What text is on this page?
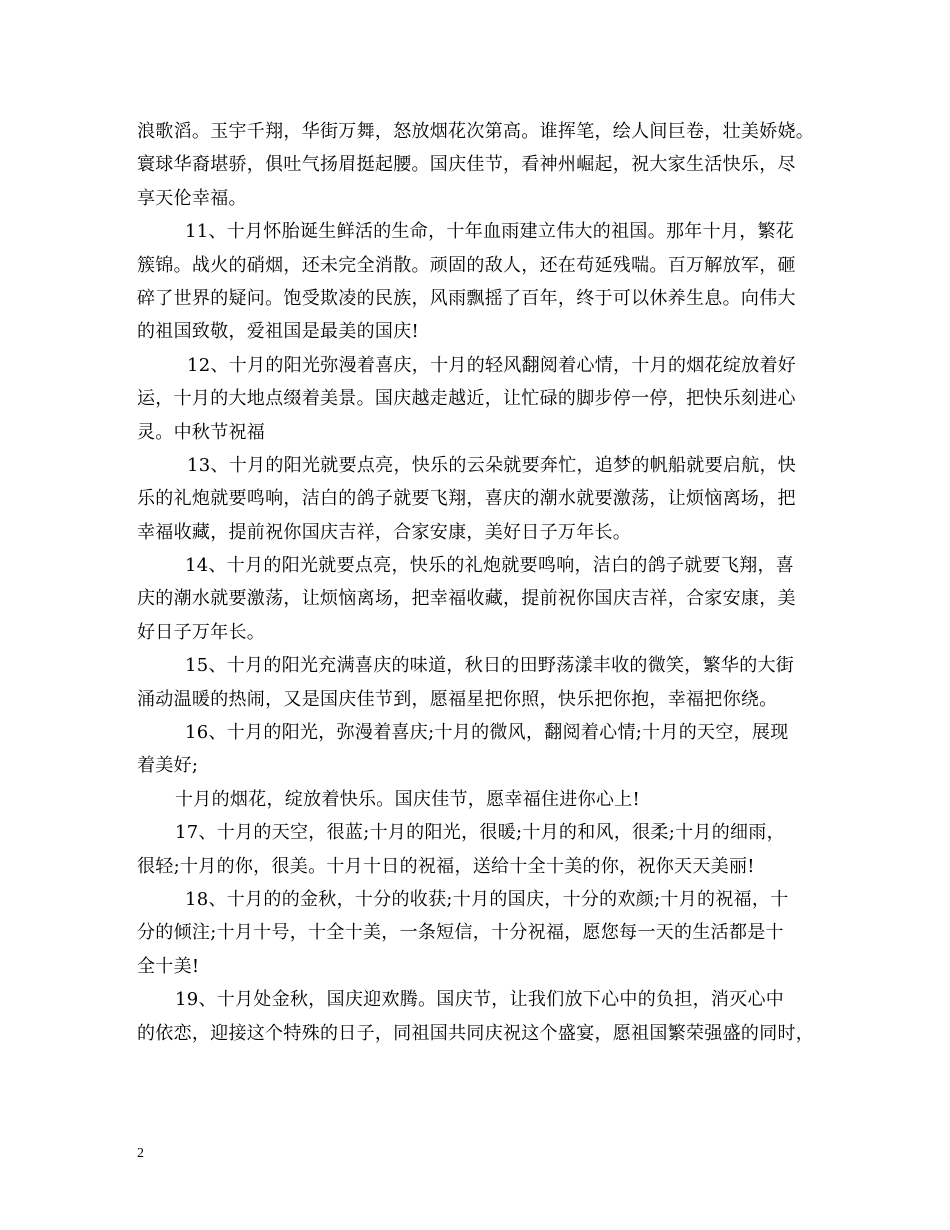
浪歌滔。玉宇千翔，华街万舞，怒放烟花次第高。谁挥笔，绘人间巨卷，壮美娇娆。
寰球华裔堪骄，俱吐气扬眉挺起腰。国庆佳节，看神州崛起，祝大家生活快乐，尽
享天伦幸福。
11、十月怀胎诞生鲜活的生命，十年血雨建立伟大的祖国。那年十月，繁花
簇锦。战火的硝烟，还未完全消散。顽固的敌人，还在苟延残喘。百万解放军，砸
碎了世界的疑问。饱受欺凌的民族，风雨飘摇了百年，终于可以休养生息。向伟大
的祖国致敬，爱祖国是最美的国庆!
12、十月的阳光弥漫着喜庆，十月的轻风翻阅着心情，十月的烟花绽放着好
运，十月的大地点缀着美景。国庆越走越近，让忙碌的脚步停一停，把快乐刻进心
灵。中秋节祝福
13、十月的阳光就要点亮，快乐的云朵就要奔忙，追梦的帆船就要启航，快
乐的礼炮就要鸣响，洁白的鸽子就要飞翔，喜庆的潮水就要激荡，让烦恼离场，把
幸福收藏，提前祝你国庆吉祥，合家安康，美好日子万年长。
14、十月的阳光就要点亮，快乐的礼炮就要鸣响，洁白的鸽子就要飞翔，喜
庆的潮水就要激荡，让烦恼离场，把幸福收藏，提前祝你国庆吉祥，合家安康，美
好日子万年长。
15、十月的阳光充满喜庆的味道，秋日的田野荡漾丰收的微笑，繁华的大街
涌动温暖的热闹，又是国庆佳节到，愿福星把你照，快乐把你抱，幸福把你绕。
16、十月的阳光，弥漫着喜庆;十月的微风，翻阅着心情;十月的天空，展现
着美好;
十月的烟花，绽放着快乐。国庆佳节，愿幸福住进你心上!
17、十月的天空，很蓝;十月的阳光，很暖;十月的和风，很柔;十月的细雨，
很轻;十月的你，很美。十月十日的祝福，送给十全十美的你，祝你天天美丽!
18、十月的的金秋，十分的收获;十月的国庆，十分的欢颜;十月的祝福，十
分的倾注;十月十号，十全十美，一条短信，十分祝福，愿您每一天的生活都是十
全十美!
19、十月处金秋，国庆迎欢腾。国庆节，让我们放下心中的负担，消灭心中
的依恋，迎接这个特殊的日子，同祖国共同庆祝这个盛宴，愿祖国繁荣强盛的同时，
2
